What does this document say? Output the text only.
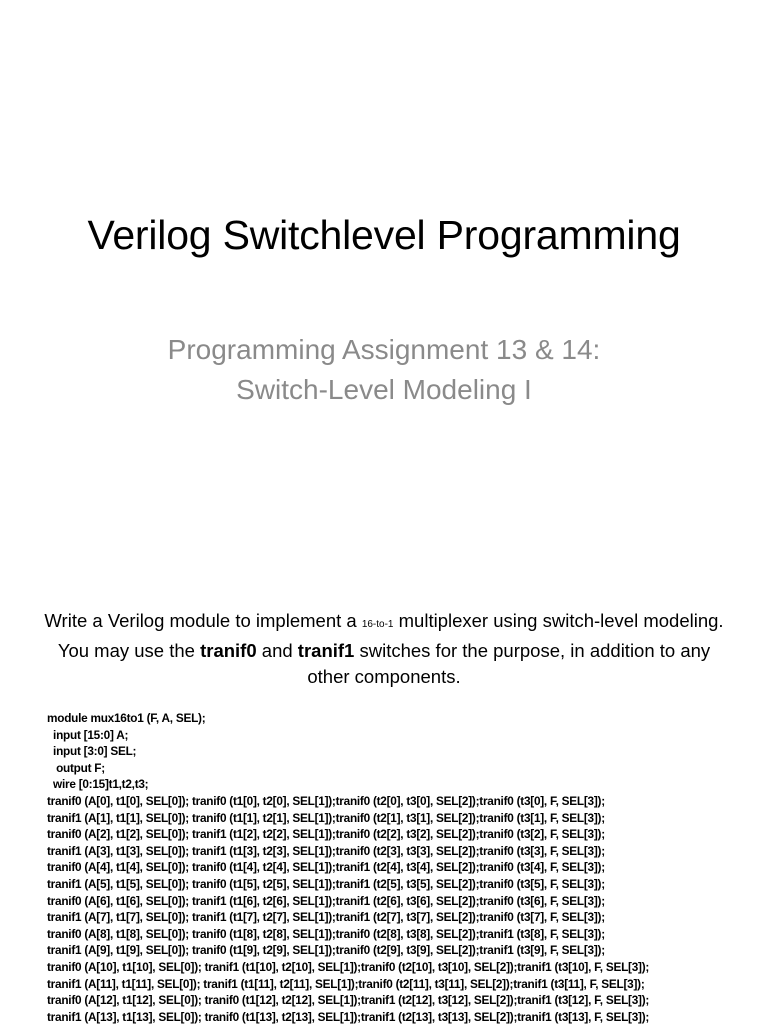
Verilog Switchlevel Programming
Programming Assignment 13 & 14:
Switch-Level Modeling I
Write a Verilog module to implement a 16-to-1 multiplexer using switch-level modeling. You may use the tranif0 and tranif1 switches for the purpose, in addition to any other components.
module mux16to1 (F, A, SEL);
input [15:0] A;
input [3:0] SEL;
output F;
wire [0:15]t1,t2,t3;
tranif0 (A[0], t1[0], SEL[0]); tranif0 (t1[0], t2[0], SEL[1]);tranif0 (t2[0], t3[0], SEL[2]);tranif0 (t3[0], F, SEL[3]);
tranif1 (A[1], t1[1], SEL[0]); tranif0 (t1[1], t2[1], SEL[1]);tranif0 (t2[1], t3[1], SEL[2]);tranif0 (t3[1], F, SEL[3]);
tranif0 (A[2], t1[2], SEL[0]); tranif1 (t1[2], t2[2], SEL[1]);tranif0 (t2[2], t3[2], SEL[2]);tranif0 (t3[2], F, SEL[3]);
tranif1 (A[3], t1[3], SEL[0]); tranif1 (t1[3], t2[3], SEL[1]);tranif0 (t2[3], t3[3], SEL[2]);tranif0 (t3[3], F, SEL[3]);
tranif0 (A[4], t1[4], SEL[0]); tranif0 (t1[4], t2[4], SEL[1]);tranif1 (t2[4], t3[4], SEL[2]);tranif0 (t3[4], F, SEL[3]);
tranif1 (A[5], t1[5], SEL[0]); tranif0 (t1[5], t2[5], SEL[1]);tranif1 (t2[5], t3[5], SEL[2]);tranif0 (t3[5], F, SEL[3]);
tranif0 (A[6], t1[6], SEL[0]); tranif1 (t1[6], t2[6], SEL[1]);tranif1 (t2[6], t3[6], SEL[2]);tranif0 (t3[6], F, SEL[3]);
tranif1 (A[7], t1[7], SEL[0]); tranif1 (t1[7], t2[7], SEL[1]);tranif1 (t2[7], t3[7], SEL[2]);tranif0 (t3[7], F, SEL[3]);
tranif0 (A[8], t1[8], SEL[0]); tranif0 (t1[8], t2[8], SEL[1]);tranif0 (t2[8], t3[8], SEL[2]);tranif1 (t3[8], F, SEL[3]);
tranif1 (A[9], t1[9], SEL[0]); tranif0 (t1[9], t2[9], SEL[1]);tranif0 (t2[9], t3[9], SEL[2]);tranif1 (t3[9], F, SEL[3]);
tranif0 (A[10], t1[10], SEL[0]); tranif1 (t1[10], t2[10], SEL[1]);tranif0 (t2[10], t3[10], SEL[2]);tranif1 (t3[10], F, SEL[3]);
tranif1 (A[11], t1[11], SEL[0]); tranif1 (t1[11], t2[11], SEL[1]);tranif0 (t2[11], t3[11], SEL[2]);tranif1 (t3[11], F, SEL[3]);
tranif0 (A[12], t1[12], SEL[0]); tranif0 (t1[12], t2[12], SEL[1]);tranif1 (t2[12], t3[12], SEL[2]);tranif1 (t3[12], F, SEL[3]);
tranif1 (A[13], t1[13], SEL[0]); tranif0 (t1[13], t2[13], SEL[1]);tranif1 (t2[13], t3[13], SEL[2]);tranif1 (t3[13], F, SEL[3]);
